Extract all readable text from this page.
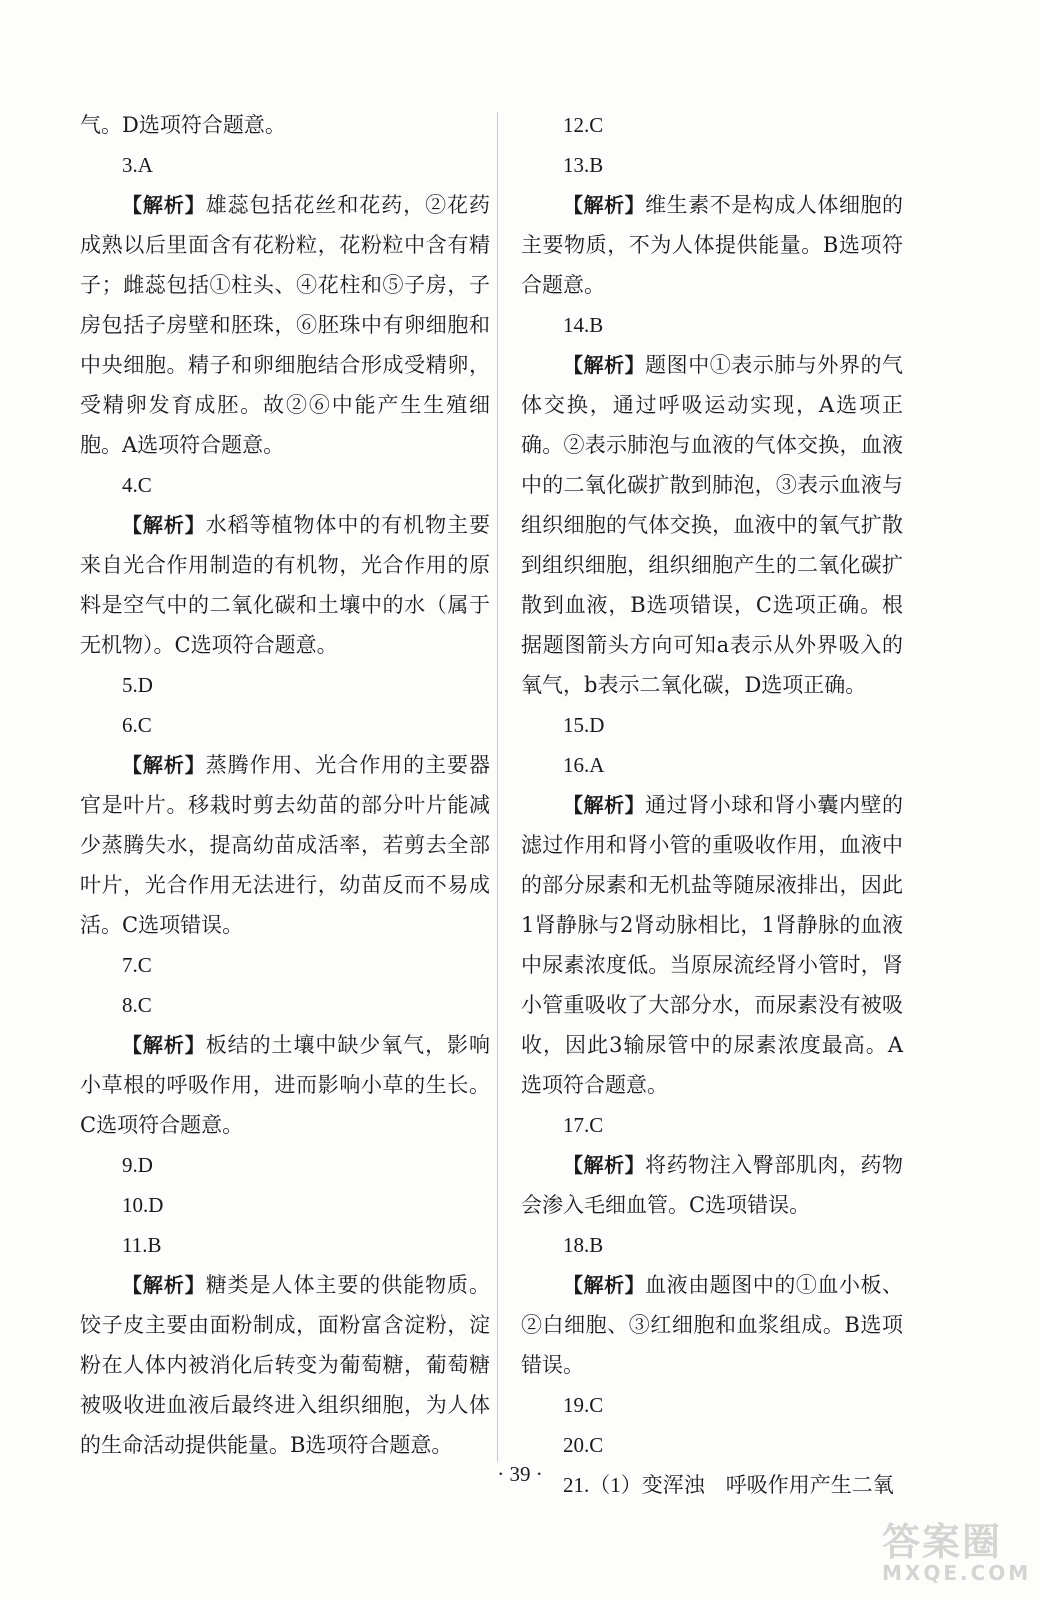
气。D选项符合题意。

3.A

【解析】雄蕊包括花丝和花药，②花药成熟以后里面含有花粉粒，花粉粒中含有精子；雌蕊包括①柱头、④花柱和⑤子房，子房包括子房壁和胚珠，⑥胚珠中有卵细胞和中央细胞。精子和卵细胞结合形成受精卵，受精卵发育成胚。故②⑥中能产生生殖细胞。A选项符合题意。

4.C

【解析】水稻等植物体中的有机物主要来自光合作用制造的有机物，光合作用的原料是空气中的二氧化碳和土壤中的水（属于无机物）。C选项符合题意。

5.D

6.C

【解析】蒸腾作用、光合作用的主要器官是叶片。移栽时剪去幼苗的部分叶片能减少蒸腾失水，提高幼苗成活率，若剪去全部叶片，光合作用无法进行，幼苗反而不易成活。C选项错误。

7.C

8.C

【解析】板结的土壤中缺少氧气，影响小草根的呼吸作用，进而影响小草的生长。C选项符合题意。

9.D

10.D

11.B

【解析】糖类是人体主要的供能物质。饺子皮主要由面粉制成，面粉富含淀粉，淀粉在人体内被消化后转变为葡萄糖，葡萄糖被吸收进血液后最终进入组织细胞，为人体的生命活动提供能量。B选项符合题意。

12.C

13.B

【解析】维生素不是构成人体细胞的主要物质，不为人体提供能量。B选项符合题意。

14.B

【解析】题图中①表示肺与外界的气体交换，通过呼吸运动实现，A选项正确。②表示肺泡与血液的气体交换，血液中的二氧化碳扩散到肺泡，③表示血液与组织细胞的气体交换，血液中的氧气扩散到组织细胞，组织细胞产生的二氧化碳扩散到血液，B选项错误，C选项正确。根据题图箭头方向可知a表示从外界吸入的氧气，b表示二氧化碳，D选项正确。

15.D

16.A

【解析】通过肾小球和肾小囊内壁的滤过作用和肾小管的重吸收作用，血液中的部分尿素和无机盐等随尿液排出，因此1肾静脉与2肾动脉相比，1肾静脉的血液中尿素浓度低。当原尿流经肾小管时，肾小管重吸收了大部分水，而尿素没有被吸收，因此3输尿管中的尿素浓度最高。A选项符合题意。

17.C

【解析】将药物注入臀部肌肉，药物会渗入毛细血管。C选项错误。

18.B

【解析】血液由题图中的①血小板、②白细胞、③红细胞和血浆组成。B选项错误。

19.C

20.C

21.（1）变浑浊　呼吸作用产生二氧

· 39 ·
答案圈
MXQE.COM
